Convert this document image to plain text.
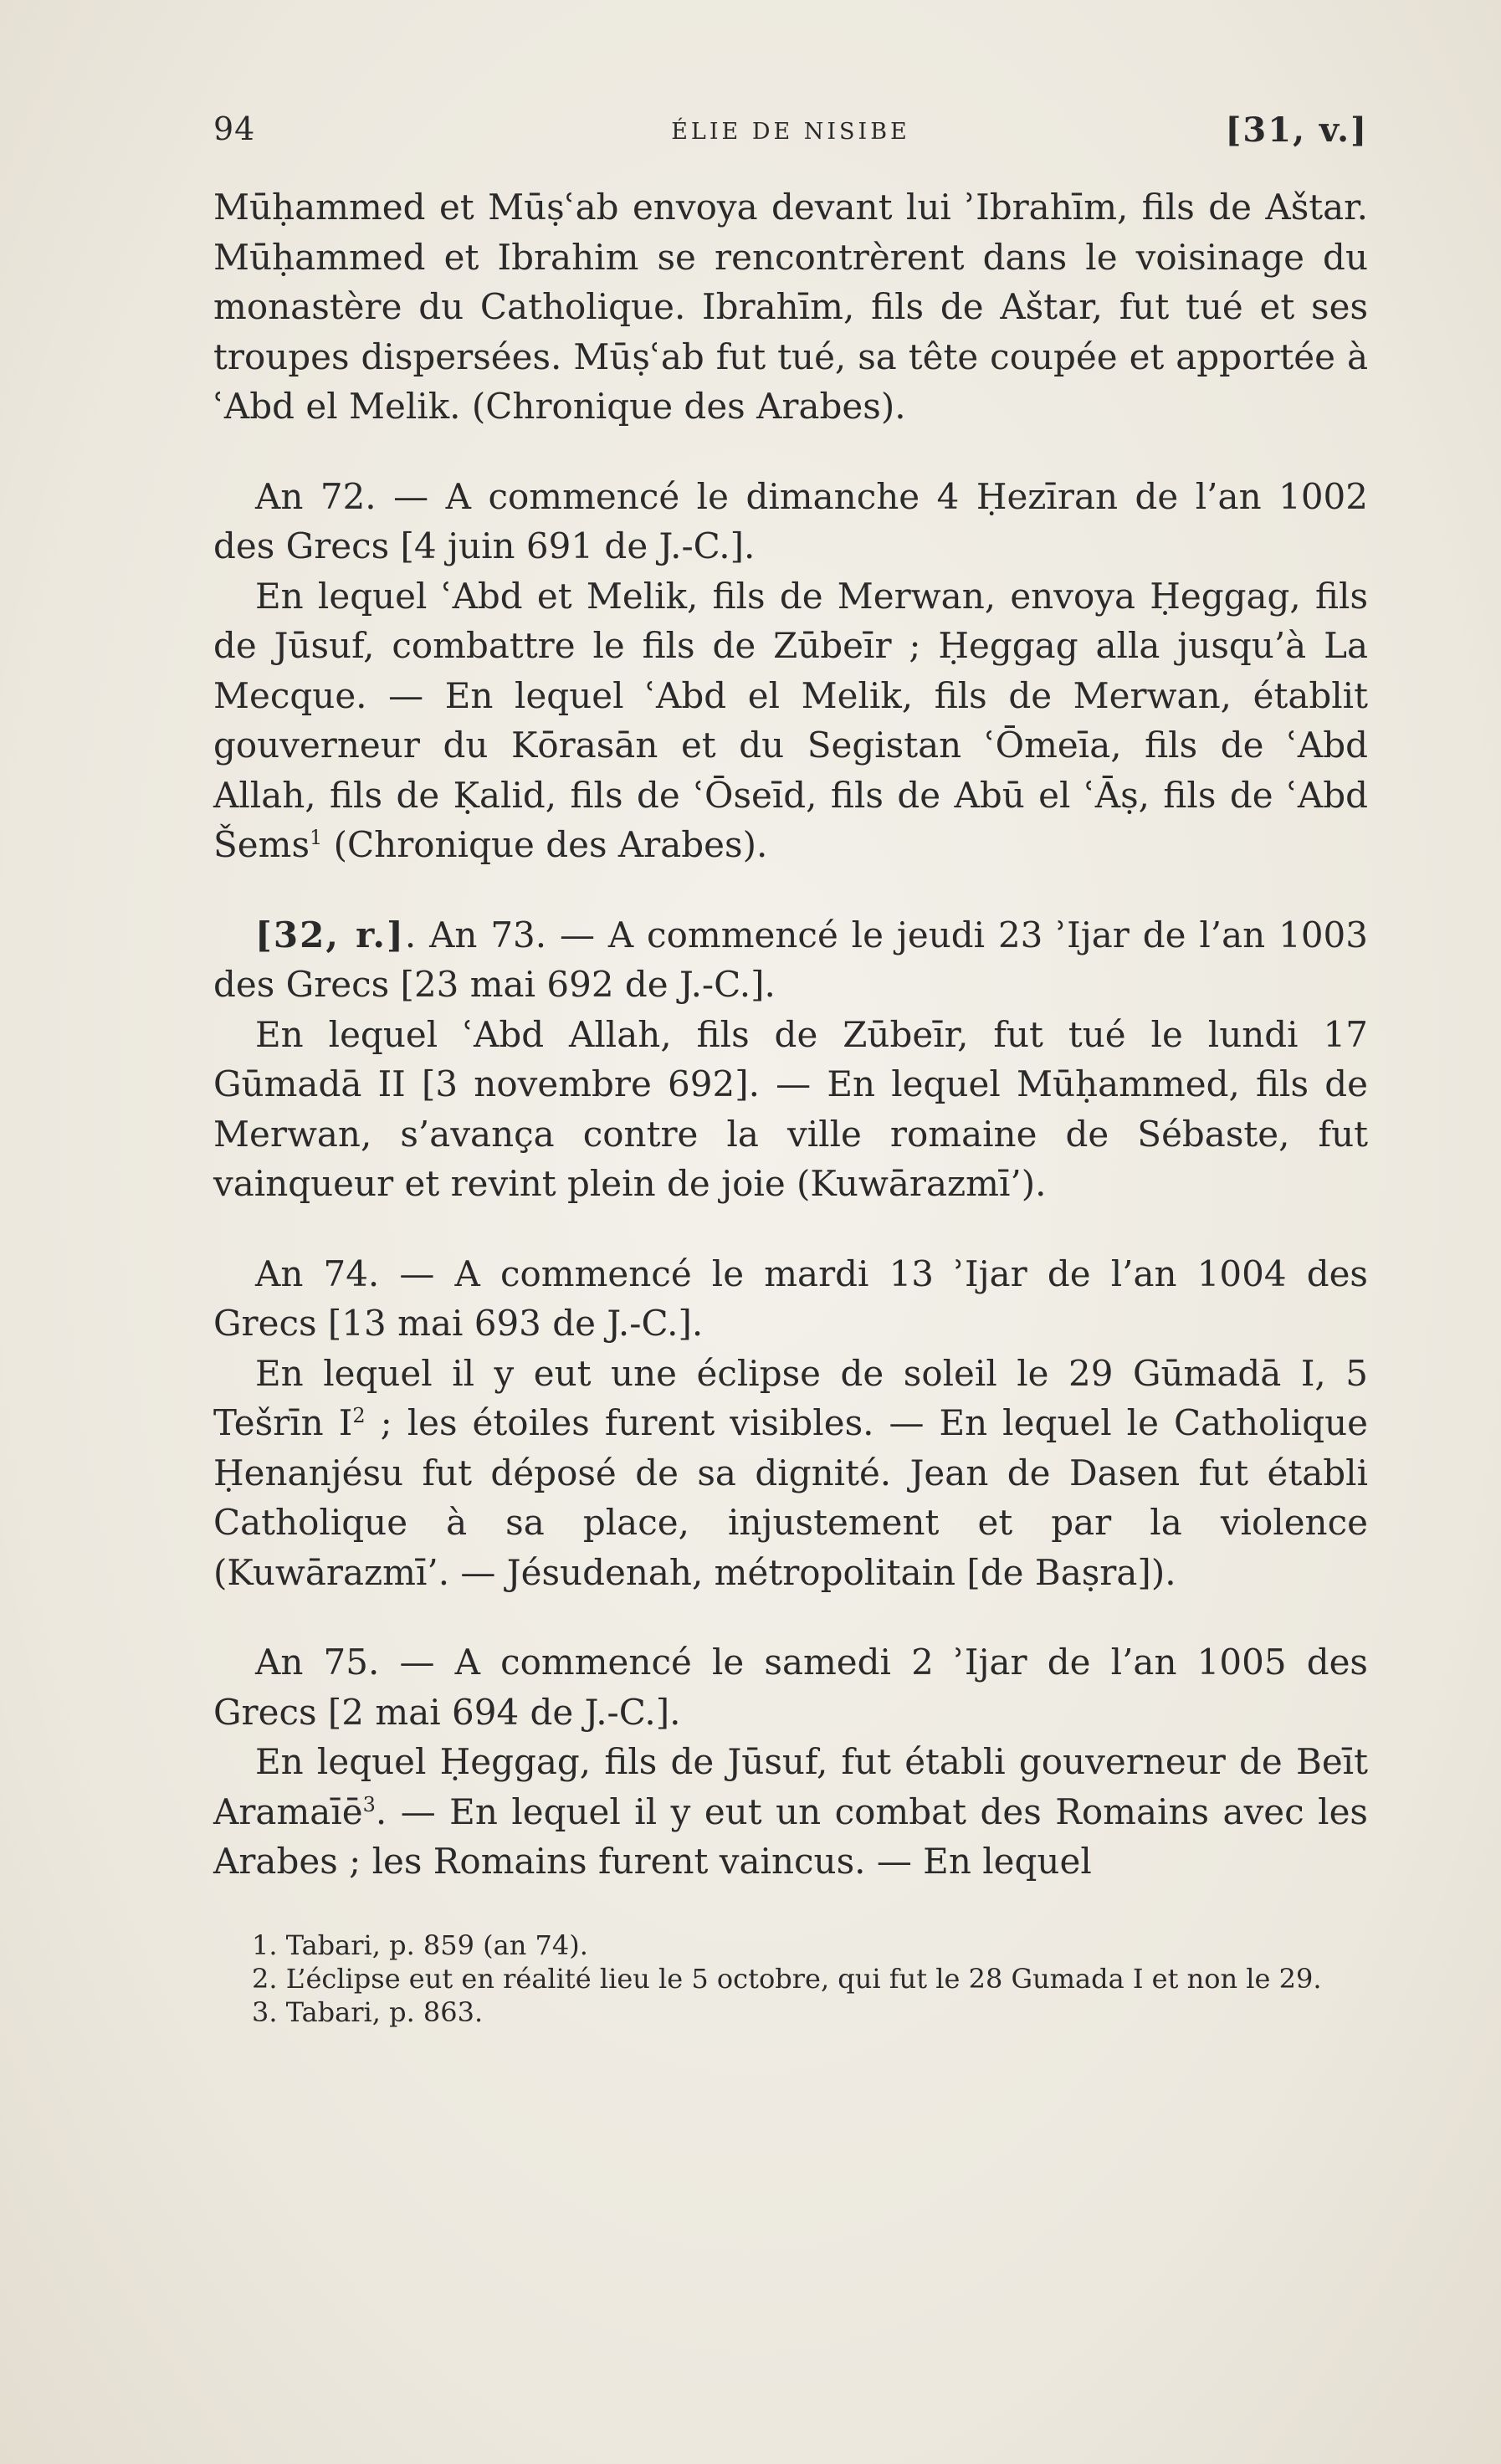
94	ÉLIE DE NISIBE	[31, v.]

Mūḥammed et Mūṣʿab envoya devant lui ʾIbrahīm, fils de Aštar. Mūḥammed et Ibrahim se rencontrèrent dans le voisinage du monastère du Catholique. Ibrahīm, fils de Aštar, fut tué et ses troupes dispersées. Mūṣʿab fut tué, sa tête coupée et apportée à ʿAbd el Melik. (Chronique des Arabes).

An 72. — A commencé le dimanche 4 Ḥezīran de l’an 1002 des Grecs [4 juin 691 de J.-C.].

En lequel ʿAbd et Melik, fils de Merwan, envoya Ḥeggag, fils de Jūsuf, combattre le fils de Zūbeīr ; Ḥeggag alla jusqu’à La Mecque. — En lequel ʿAbd el Melik, fils de Merwan, établit gouverneur du Kōrasān et du Segistan ʿŌmeīa, fils de ʿAbd Allah, fils de Ḳalid, fils de ʿŌseīd, fils de Abū el ʿĀṣ, fils de ʿAbd Šems$^1$ (Chronique des Arabes).

[32, r.]. An 73. — A commencé le jeudi 23 ʾIjar de l’an 1003 des Grecs [23 mai 692 de J.-C.].

En lequel ʿAbd Allah, fils de Zūbeīr, fut tué le lundi 17 Gūmadā II [3 novembre 692]. — En lequel Mūḥammed, fils de Merwan, s’avança contre la ville romaine de Sébaste, fut vainqueur et revint plein de joie (Kuwārazmī’).

An 74. — A commencé le mardi 13 ʾIjar de l’an 1004 des Grecs [13 mai 693 de J.-C.].

En lequel il y eut une éclipse de soleil le 29 Gūmadā I, 5 Tešrīn $I^2$ ; les étoiles furent visibles. — En lequel le Catholique Ḥenanjésu fut déposé de sa dignité. Jean de Dasen fut établi Catholique à sa place, injustement et par la violence (Kuwārazmī’. — Jésudenah, métropolitain [de Baṣra]).

An 75. — A commencé le samedi 2 ʾIjar de l’an 1005 des Grecs [2 mai 694 de J.-C.].

En lequel Ḥeggag, fils de Jūsuf, fut établi gouverneur de Beīt Aramaīē$^3$. — En lequel il y eut un combat des Romains avec les Arabes ; les Romains furent vaincus. — En lequel

1. Tabari, p. 859 (an 74).

2. L’éclipse eut en réalité lieu le 5 octobre, qui fut le 28 Gumada I et non le 29.

3. Tabari, p. 863.
